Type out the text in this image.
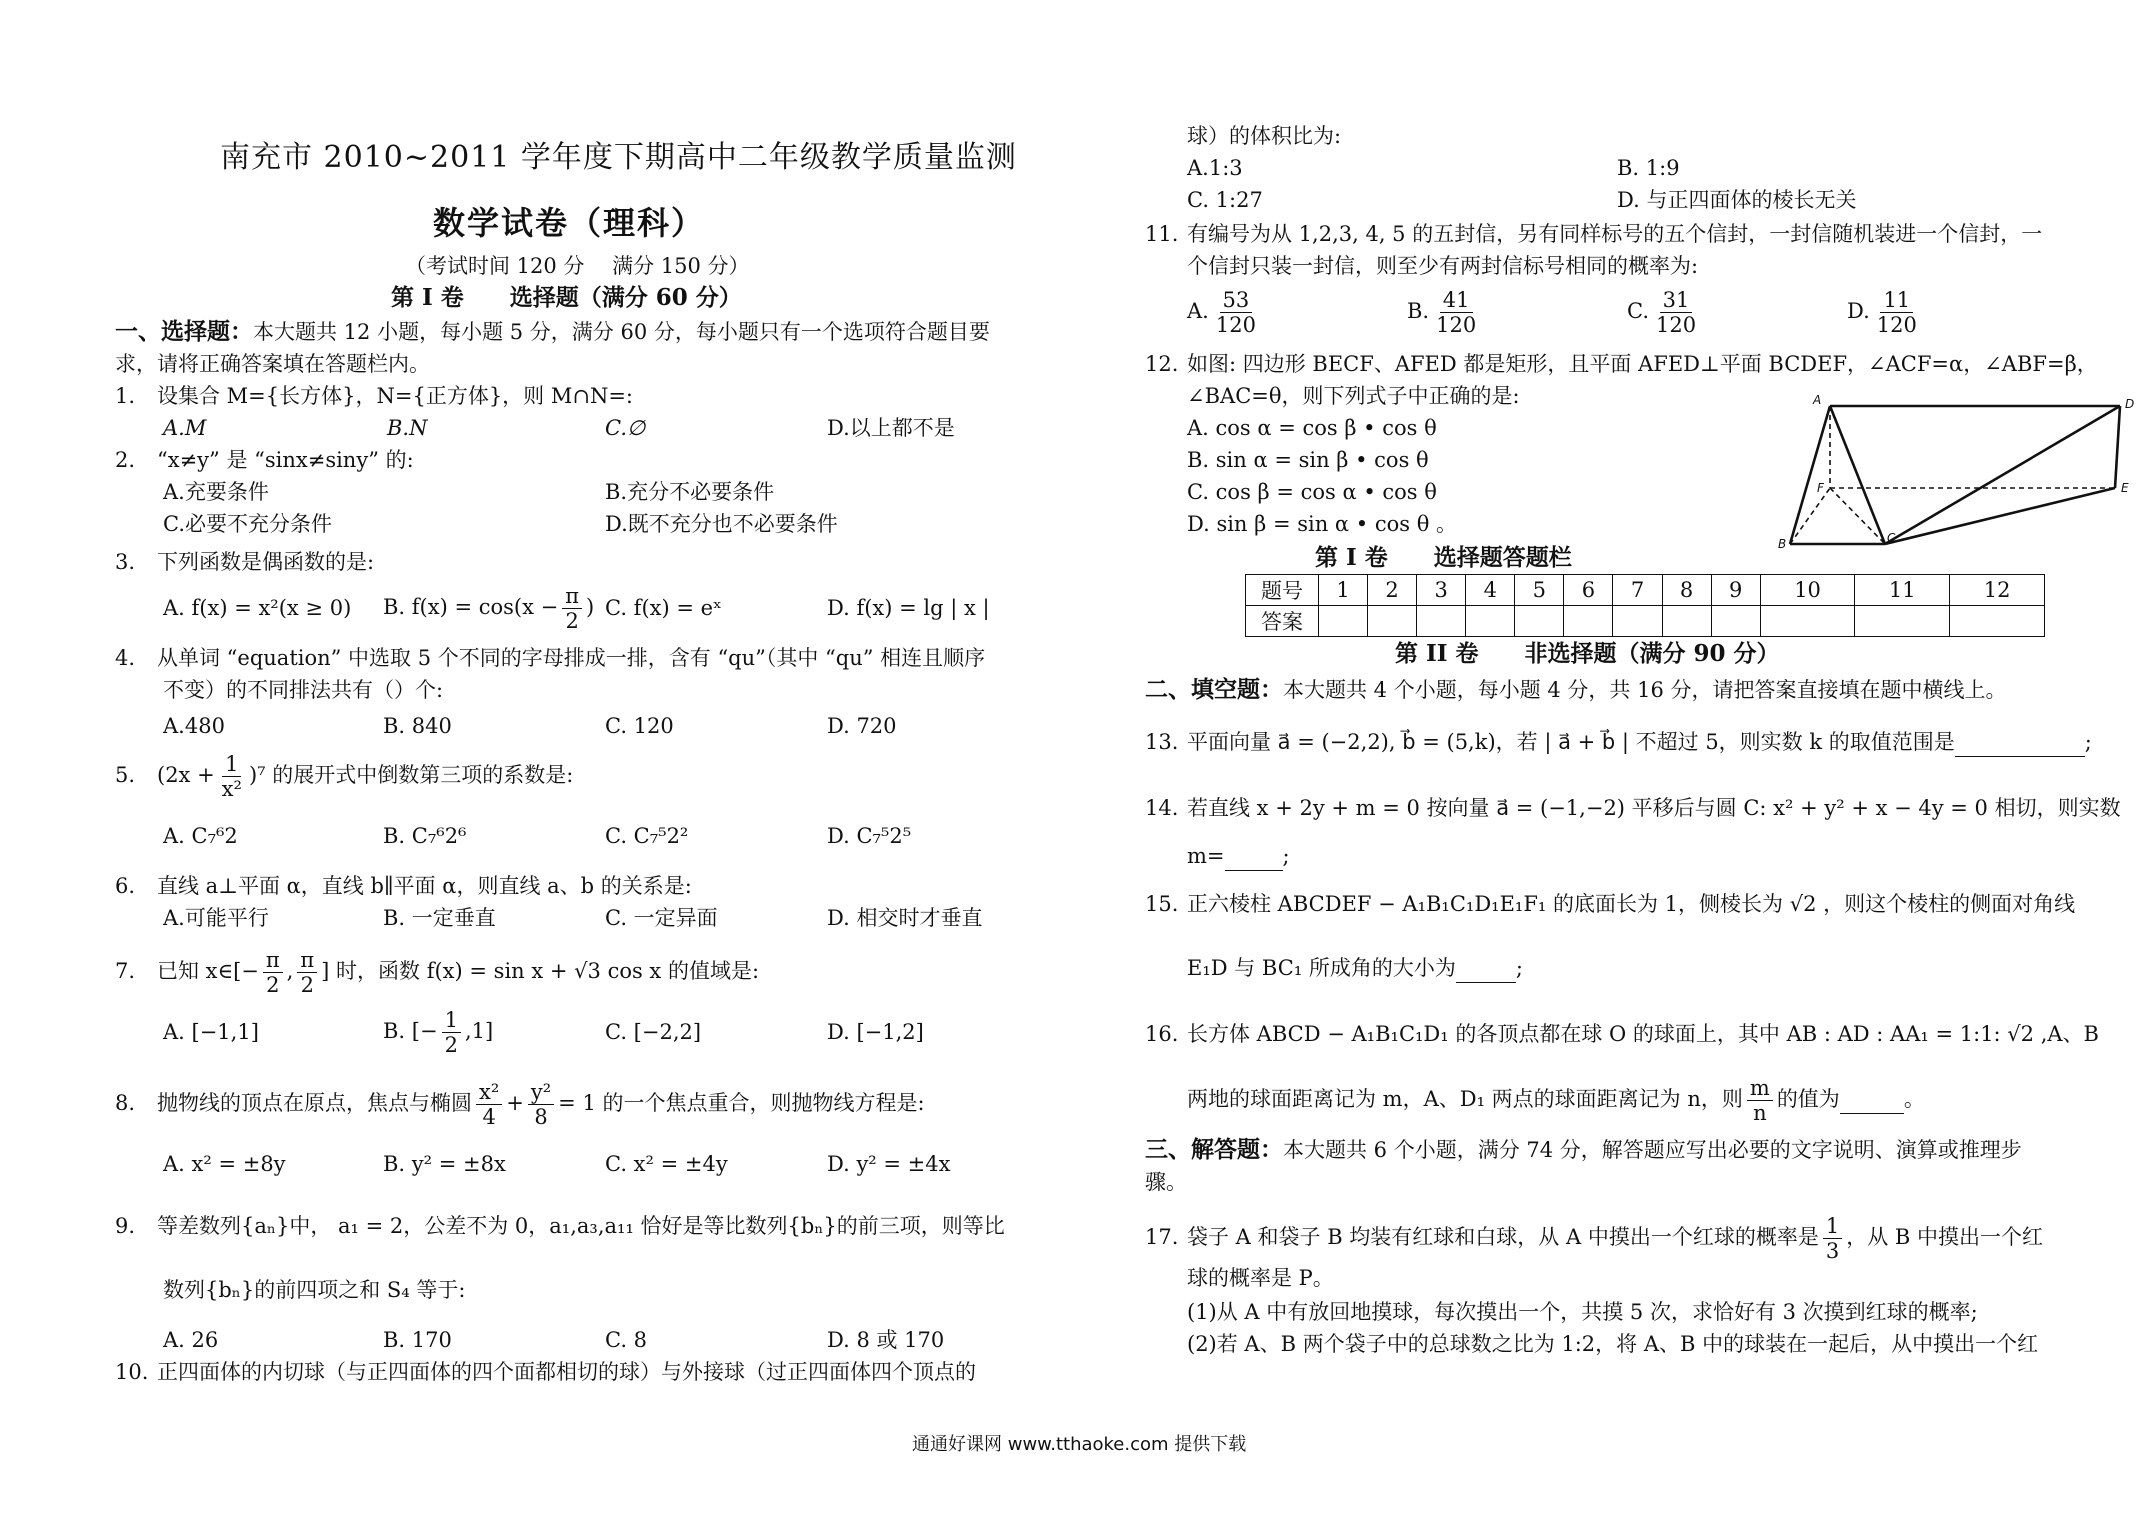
南充市 2010~2011 学年度下期高中二年级教学质量监测
数学试卷（理科）
（考试时间 120 分　 满分 150 分）
第 I 卷　　选择题（满分 60 分）
一、选择题：本大题共 12 小题，每小题 5 分，满分 60 分，每小题只有一个选项符合题目要
求，请将正确答案填在答题栏内。
1. 设集合 M={长方体}，N={正方体}，则 M∩N=:
A.M	B.N	C.∅	D.以上都不是
2. “x≠y” 是 “sinx≠siny” 的:
A.充要条件	B.充分不必要条件
C.必要不充分条件	D.既不充分也不必要条件
3. 下列函数是偶函数的是:
A. f(x) = x²(x ≥ 0) B. $f(x) = \cos(x - \frac{\pi}{2}$ ) C. f(x) = eˣ	D. f(x) = lg | x |
4. 从单词 “equation” 中选取 5 个不同的字母排成一排，含有 “qu”（其中 “qu” 相连且顺序
不变）的不同排法共有（）个:
A.480	B. 840	C. 120	D. 720
5. $(2x + \frac{1}{\text{x²}} )^7$ 的展开式中倒数第三项的系数是:
A. C₇⁶2	B. C₇⁶2⁶	C. C₇⁵2²	D. C₇⁵2⁵
6. 直线 a⊥平面 α，直线 b∥平面 α，则直线 a、b 的关系是:
A.可能平行	B. 一定垂直	C. 一定异面	D. 相交时才垂直
7. 已知 x∈[− $\frac{\pi}{2}$ , $\frac{\pi}{2}$ ] 时，函数 f(x) = sin x + √3 cos x 的值域是:
A. [−1,1]	B. [− $\frac{1}{2} ,1$]	C. [−2,2]	D. [−1,2]
8. 抛物线的顶点在原点，焦点与椭圆 $\frac{\text{x²}}{4} + \frac{\text{y²}}{8} = 1$ 的一个焦点重合，则抛物线方程是:
A. x² = ±8y	B. y² = ±8x	C. x² = ±4y	D. y² = ±4x
9. 等差数列{aₙ}中， a₁ = 2，公差不为 0，a₁,a₃,a₁₁ 恰好是等比数列{bₙ}的前三项，则等比
数列{bₙ}的前四项之和 S₄ 等于:
A. 26	B. 170	C. 8	D. 8 或 170
10. 正四面体的内切球（与正四面体的四个面都相切的球）与外接球（过正四面体四个顶点的
球）的体积比为:
A.1:3	B. 1:9
C. 1:27	D. 与正四面体的棱长无关
11. 有编号为从 1,2,3, 4, 5 的五封信，另有同样标号的五个信封，一封信随机装进一个信封，一
个信封只装一封信，则至少有两封信标号相同的概率为:
A. $\frac{53}{120}$	B. $\frac{41}{120}$	C. $\frac{31}{120}$	D. $\frac{11}{120}$
12. 如图: 四边形 BECF、AFED 都是矩形，且平面 AFED⊥平面 BCDEF，∠ACF=α，∠ABF=β，
∠BAC=θ，则下列式子中正确的是:
A. cos α = cos β • cos θ
B. sin α = sin β • cos θ
C. cos β = cos α • cos θ
D. sin β = sin α • cos θ 。
A	D
F	E
B	C
第 I 卷　　选择题答题栏
题号	1	2	3	4	5	6	7	8	9	10	11	12
答案												
第 II 卷　　非选择题（满分 90 分）
二、填空题：本大题共 4 个小题，每小题 4 分，共 16 分，请把答案直接填在题中横线上。
13. 平面向量 a⃗ = (−2,2), b⃗ = (5,k)，若 | a⃗ + b⃗ | 不超过 5，则实数 k 的取值范围是	;
14. 若直线 x + 2y + m = 0 按向量 a⃗ = (−1,−2) 平移后与圆 C: x² + y² + x − 4y = 0 相切，则实数
m=	;
15. 正六棱柱 ABCDEF − A₁B₁C₁D₁E₁F₁ 的底面长为 1，侧棱长为 √2 ，则这个棱柱的侧面对角线
E₁D 与 BC₁ 所成角的大小为	;
16. 长方体 ABCD − A₁B₁C₁D₁ 的各顶点都在球 O 的球面上，其中 AB : AD : AA₁ = 1:1: √2 ,A、B
两地的球面距离记为 m，A、D₁ 两点的球面距离记为 n，则 $\frac{m}{n}$ 的值为	。
三、解答题：本大题共 6 个小题，满分 74 分，解答题应写出必要的文字说明、演算或推理步
骤。
17. 袋子 A 和袋子 B 均装有红球和白球，从 A 中摸出一个红球的概率是 $\frac{1}{3}$ ，从 B 中摸出一个红
球的概率是 P。
(1)从 A 中有放回地摸球，每次摸出一个，共摸 5 次，求恰好有 3 次摸到红球的概率;
(2)若 A、B 两个袋子中的总球数之比为 1:2，将 A、B 中的球装在一起后，从中摸出一个红
通通好课网 www.tthaoke.com 提供下载
